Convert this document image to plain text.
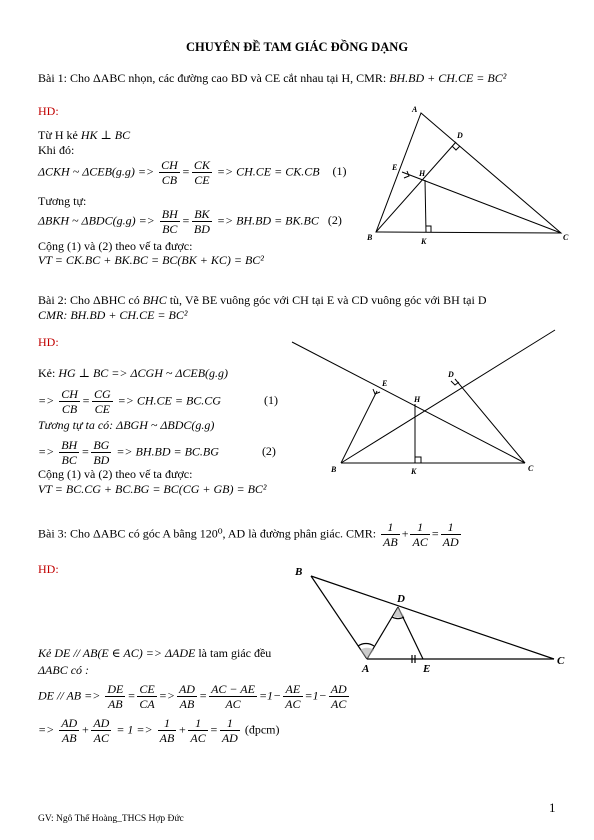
CHUYÊN ĐỀ TAM GIÁC ĐỒNG DẠNG
Bài 1: Cho ΔABC nhọn, các đường cao BD và CE cắt nhau tại H, CMR: BH.BD + CH.CE = BC²
HD:
Từ H kẻ HK ⊥ BC
Khi đó:
ΔCKH ~ $\Delta CEB(g.g) => \frac{CH}{CB} = \frac{CK}{CE} => CH.CE = CK.CB$ (1)
Tương tự:
ΔBKH ~ $\Delta BDC(g.g) => \frac{BH}{BC} = \frac{BK}{BD} => BH.BD = BK.BC$ (2)
Cộng (1) và (2) theo vế ta được:
VT = CK.BC + BK.BC = BC(BK + KC) = BC²
A
B	C
D
E
H
K
Bài 2: Cho ΔBHC có BHC tù, Vẽ BE vuông góc với CH tại E và CD vuông góc với BH tại D
CMR: BH.BD + CH.CE = BC²
HD:
Kẻ: HG ⊥ BC => ΔCGH ~ ΔCEB(g.g)
=> $\frac{CH}{CB} = \frac{CG}{CE} => CH.CE = BC.CG$	(1)
Tương tự ta có: ΔBGH ~ ΔBDC(g.g)
=> $\frac{BH}{BC} = \frac{BG}{BD} => BH.BD = BC.BG$	(2)
Cộng (1) và (2) theo vế ta được:
VT = BC.CG + BC.BG = BC(CG + GB) = BC²
B	C
D
E
H
K
Bài 3: Cho ΔABC có góc A bằng 120⁰, AD là đường phân giác. CMR: $\frac{1}{AB} + \frac{1}{AC} = \frac{1}{AD}$
HD:
Kẻ DE // AB(E ∈ AC) => ΔADE là tam giác đều
ΔABC có :
DE // AB => $\frac{DE}{AB} = \frac{CE}{CA} => \frac{AD}{AB} = \frac{AC - AE}{AC} =1- \frac{AE}{AC} =1- \frac{AD}{AC}$
=> $\frac{AD}{AB} + \frac{AD}{AC} = 1 => \frac{1}{AB} + \frac{1}{AC} = \frac{1}{AD}$ (đpcm)
B
A
C
D
E
1
GV: Ngô Thế Hoàng_THCS Hợp Đức
